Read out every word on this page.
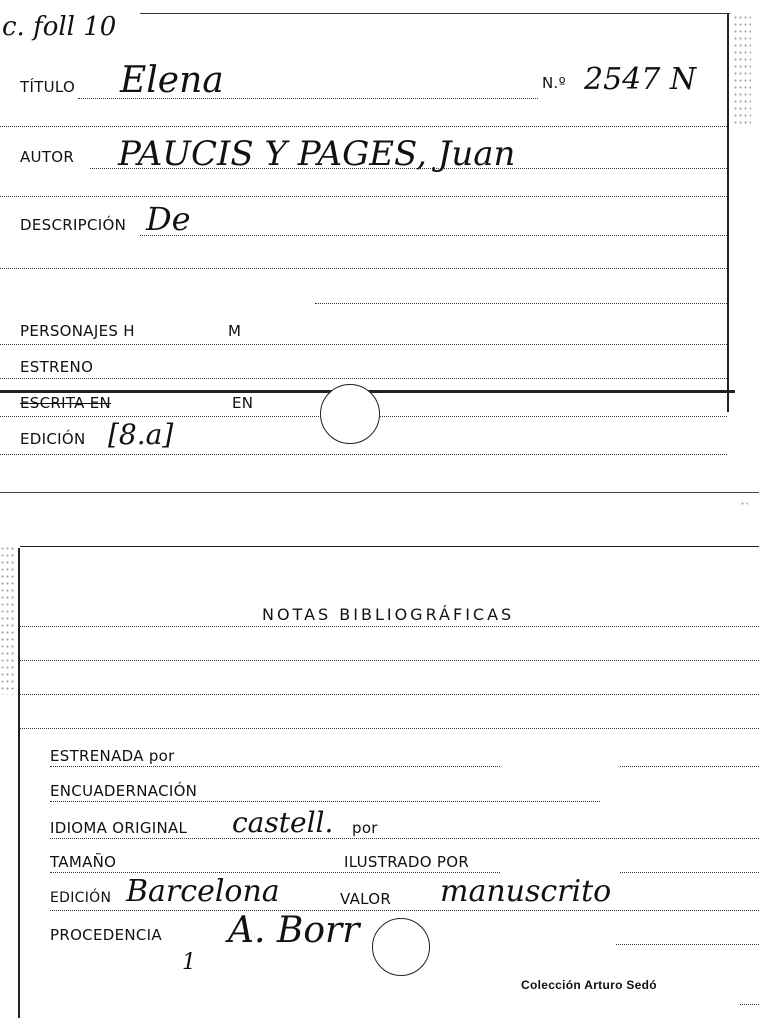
c. foll 10
TÍTULO Elena	N.º 2547 N
AUTOR PAUCIS Y PAGES, Juan
DESCRIPCIÓN De
PERSONAJES H	M
ESTRENO
ESCRITA EN	EN
EDICIÓN [8.a]
NOTAS BIBLIOGRÁFICAS
ESTRENADA por
ENCUADERNACIÓN
IDIOMA ORIGINAL castell. por
TAMAÑO	ILUSTRADO POR
EDICIÓN Barcelona	VALOR manuscrito
PROCEDENCIA A. Borr
1
Colección Arturo Sedó
